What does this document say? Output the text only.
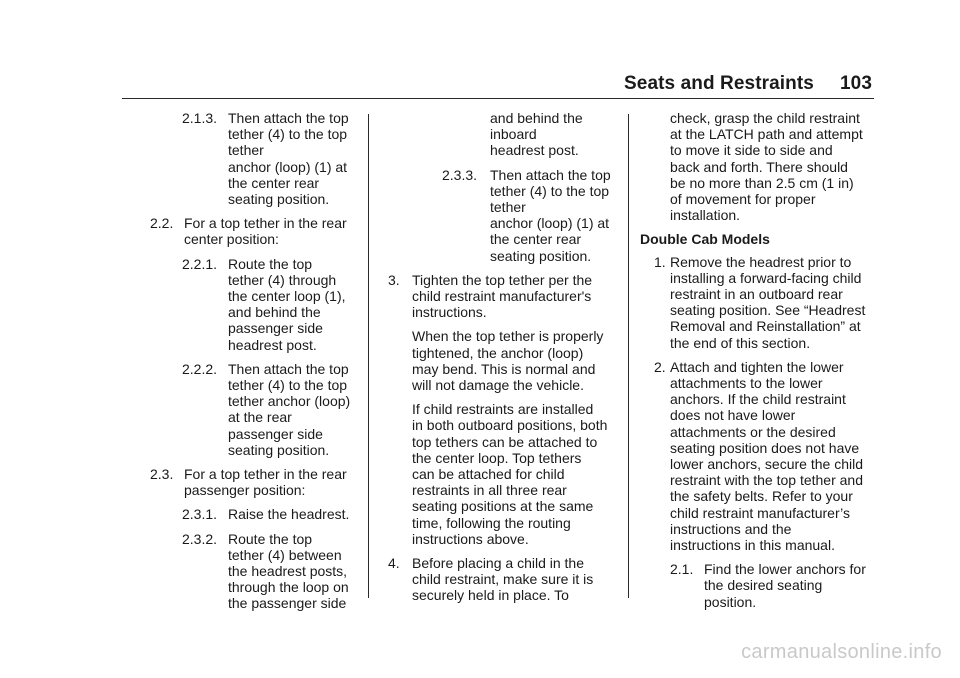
Seats and Restraints 103
2.1.3. Then attach the top
tether (4) to the top
tether
anchor (loop) (1) at
the center rear
seating position.
2.2. For a top tether in the rear
center position:
2.2.1. Route the top
tether (4) through
the center loop (1),
and behind the
passenger side
headrest post.
2.2.2. Then attach the top
tether (4) to the top
tether anchor (loop)
at the rear
passenger side
seating position.
2.3. For a top tether in the rear
passenger position:
2.3.1. Raise the headrest.
2.3.2. Route the top
tether (4) between
the headrest posts,
through the loop on
the passenger side
and behind the
inboard
headrest post.
2.3.3. Then attach the top
tether (4) to the top
tether
anchor (loop) (1) at
the center rear
seating position.
3. Tighten the top tether per the
child restraint manufacturer's
instructions.
When the top tether is properly
tightened, the anchor (loop)
may bend. This is normal and
will not damage the vehicle.
If child restraints are installed
in both outboard positions, both
top tethers can be attached to
the center loop. Top tethers
can be attached for child
restraints in all three rear
seating positions at the same
time, following the routing
instructions above.
4. Before placing a child in the
child restraint, make sure it is
securely held in place. To
check, grasp the child restraint
at the LATCH path and attempt
to move it side to side and
back and forth. There should
be no more than 2.5 cm (1 in)
of movement for proper
installation.
Double Cab Models
1. Remove the headrest prior to
installing a forward-facing child
restraint in an outboard rear
seating position. See “Headrest
Removal and Reinstallation” at
the end of this section.
2. Attach and tighten the lower
attachments to the lower
anchors. If the child restraint
does not have lower
attachments or the desired
seating position does not have
lower anchors, secure the child
restraint with the top tether and
the safety belts. Refer to your
child restraint manufacturer’s
instructions and the
instructions in this manual.
2.1. Find the lower anchors for
the desired seating
position.
carmanualsonline.info
